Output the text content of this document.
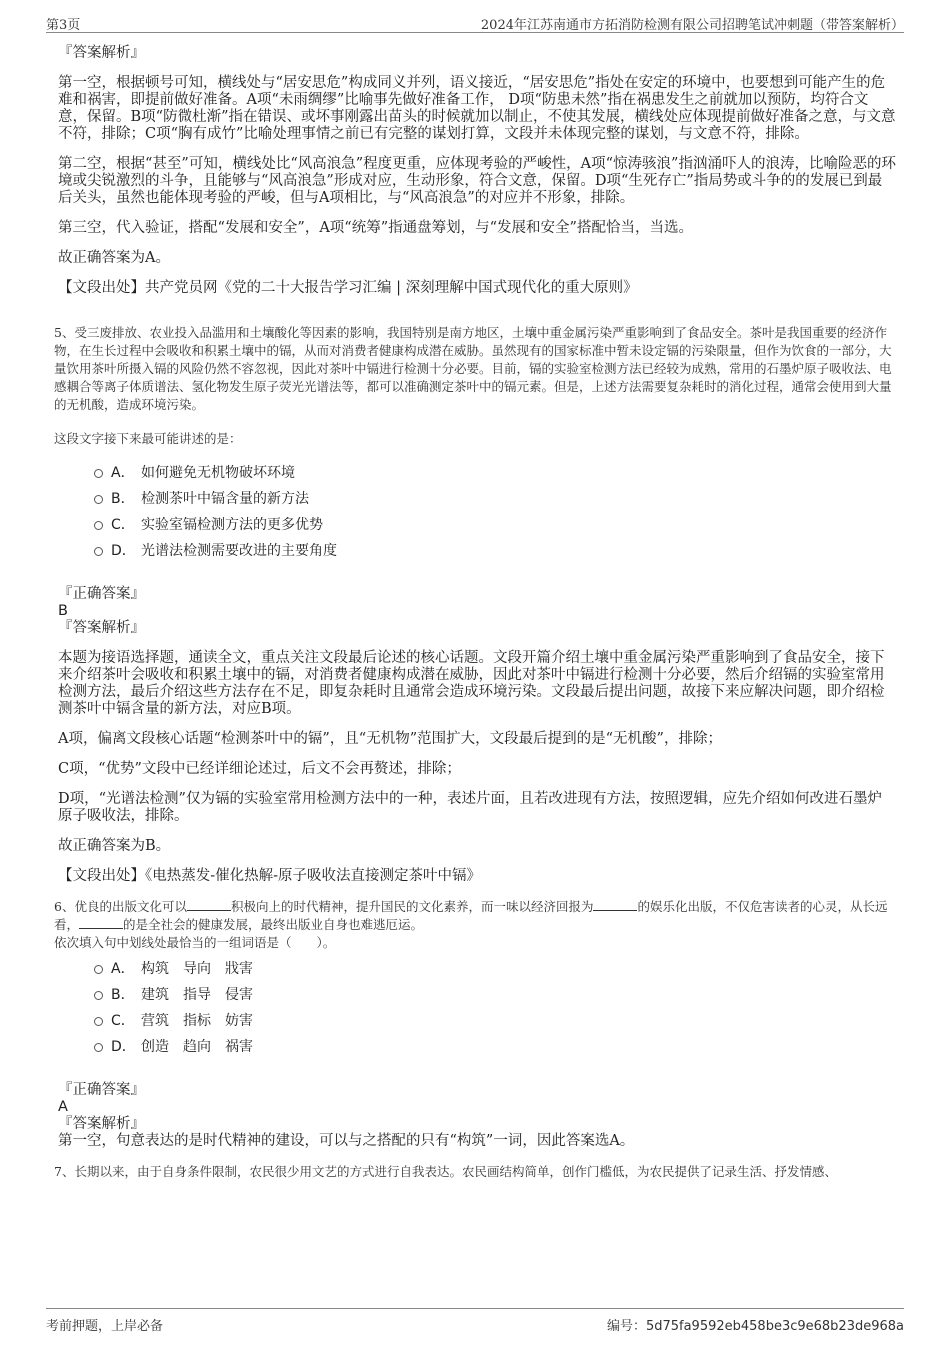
第3页	2024年江苏南通市方拓消防检测有限公司招聘笔试冲刺题（带答案解析）

『答案解析』

第一空，根据顿号可知，横线处与“居安思危”构成同义并列，语义接近，“居安思危”指处在安定的环境中，也要想到可能产生的危难和祸害，即提前做好准备。A项“未雨绸缪”比喻事先做好准备工作， D项“防患未然”指在祸患发生之前就加以预防，均符合文意，保留。B项“防微杜渐”指在错误、或坏事刚露出苗头的时候就加以制止，不使其发展，横线处应体现提前做好准备之意，与文意不符，排除；C项“胸有成竹”比喻处理事情之前已有完整的谋划打算，文段并未体现完整的谋划，与文意不符，排除。

第二空，根据“甚至”可知，横线处比“风高浪急”程度更重，应体现考验的严峻性，A项“惊涛骇浪”指汹涌吓人的浪涛，比喻险恶的环境或尖锐激烈的斗争，且能够与“风高浪急”形成对应，生动形象，符合文意，保留。D项“生死存亡”指局势或斗争的的发展已到最后关头，虽然也能体现考验的严峻，但与A项相比，与“风高浪急”的对应并不形象，排除。

第三空，代入验证，搭配“发展和安全”，A项“统筹”指通盘筹划，与“发展和安全”搭配恰当，当选。

故正确答案为A。

【文段出处】共产党员网《党的二十大报告学习汇编 | 深刻理解中国式现代化的重大原则》

5、受三废排放、农业投入品滥用和土壤酸化等因素的影响，我国特别是南方地区，土壤中重金属污染严重影响到了食品安全。茶叶是我国重要的经济作物，在生长过程中会吸收和积累土壤中的镉，从而对消费者健康构成潜在威胁。虽然现有的国家标准中暂未设定镉的污染限量，但作为饮食的一部分，大量饮用茶叶所摄入镉的风险仍然不容忽视，因此对茶叶中镉进行检测十分必要。目前，镉的实验室检测方法已经较为成熟，常用的石墨炉原子吸收法、电感耦合等离子体质谱法、氢化物发生原子荧光光谱法等，都可以准确测定茶叶中的镉元素。但是，上述方法需要复杂耗时的消化过程，通常会使用到大量的无机酸，造成环境污染。

这段文字接下来最可能讲述的是：

A． 如何避免无机物破坏环境
B． 检测茶叶中镉含量的新方法
C． 实验室镉检测方法的更多优势
D． 光谱法检测需要改进的主要角度

『正确答案』

B

『答案解析』

本题为接语选择题，通读全文，重点关注文段最后论述的核心话题。文段开篇介绍土壤中重金属污染严重影响到了食品安全，接下来介绍茶叶会吸收和积累土壤中的镉，对消费者健康构成潜在威胁，因此对茶叶中镉进行检测十分必要，然后介绍镉的实验室常用检测方法，最后介绍这些方法存在不足，即复杂耗时且通常会造成环境污染。文段最后提出问题，故接下来应解决问题，即介绍检测茶叶中镉含量的新方法，对应B项。

A项，偏离文段核心话题“检测茶叶中的镉”，且“无机物”范围扩大，文段最后提到的是“无机酸”，排除；

C项，“优势”文段中已经详细论述过，后文不会再赘述，排除；

D项，“光谱法检测”仅为镉的实验室常用检测方法中的一种，表述片面，且若改进现有方法，按照逻辑，应先介绍如何改进石墨炉原子吸收法，排除。

故正确答案为B。

【文段出处】《电热蒸发-催化热解-原子吸收法直接测定茶叶中镉》

6、优良的出版文化可以	积极向上的时代精神，提升国民的文化素养，而一味以经济回报为	的娱乐化出版，不仅危害读者的心灵，从长远看，	的是全社会的健康发展，最终出版业自身也难逃厄运。

依次填入句中划线处最恰当的一组词语是（　　）。

A． 构筑 导向 戕害
B． 建筑 指导 侵害
C． 营筑 指标 妨害
D． 创造 趋向 祸害

『正确答案』

A

『答案解析』

第一空，句意表达的是时代精神的建设，可以与之搭配的只有“构筑”一词，因此答案选A。

7、长期以来，由于自身条件限制，农民很少用文艺的方式进行自我表达。农民画结构简单，创作门槛低，为农民提供了记录生活、抒发情感、

考前押题，上岸必备	编号：5d75fa9592eb458be3c9e68b23de968a
